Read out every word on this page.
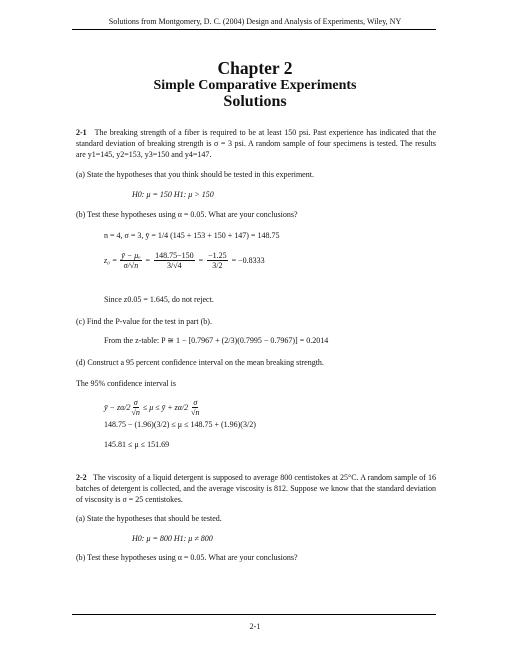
Solutions from Montgomery, D. C. (2004) Design and Analysis of Experiments, Wiley, NY
Chapter 2
Simple Comparative Experiments
Solutions
2-1 The breaking strength of a fiber is required to be at least 150 psi. Past experience has indicated that the standard deviation of breaking strength is σ = 3 psi. A random sample of four specimens is tested. The results are y1=145, y2=153, y3=150 and y4=147.
(a) State the hypotheses that you think should be tested in this experiment.
H0: μ = 150 H1: μ > 150
(b) Test these hypotheses using α = 0.05. What are your conclusions?
n = 4, σ = 3, ȳ = 1/4 (145 + 153 + 150 + 147) = 148.75
$z_0 = \frac{\text{ȳ − μₒ}}{\sigma/√n} = \frac{148.75-150}{3/√4} = \frac{-1.25}{3/2} = -0.8333$
Since z0.05 = 1.645, do not reject.
(c) Find the P-value for the test in part (b).
From the z-table: P ≅ 1 − [0.7967 + (2/3)(0.7995 − 0.7967)] = 0.2014
(d) Construct a 95 percent confidence interval on the mean breaking strength.
The 95% confidence interval is
ȳ − $z\alpha/2 \frac{\sigma}{√n} \le \mu$ ≤ ȳ + $z\alpha/2 \frac{\sigma}{√n}$
148.75 − (1.96)(3/2) ≤ μ ≤ 148.75 + (1.96)(3/2)
145.81 ≤ μ ≤ 151.69
2-2 The viscosity of a liquid detergent is supposed to average 800 centistokes at 25°C. A random sample of 16 batches of detergent is collected, and the average viscosity is 812. Suppose we know that the standard deviation of viscosity is σ = 25 centistokes.
(a) State the hypotheses that should be tested.
H0: μ = 800 H1: μ ≠ 800
(b) Test these hypotheses using α = 0.05. What are your conclusions?
2-1
